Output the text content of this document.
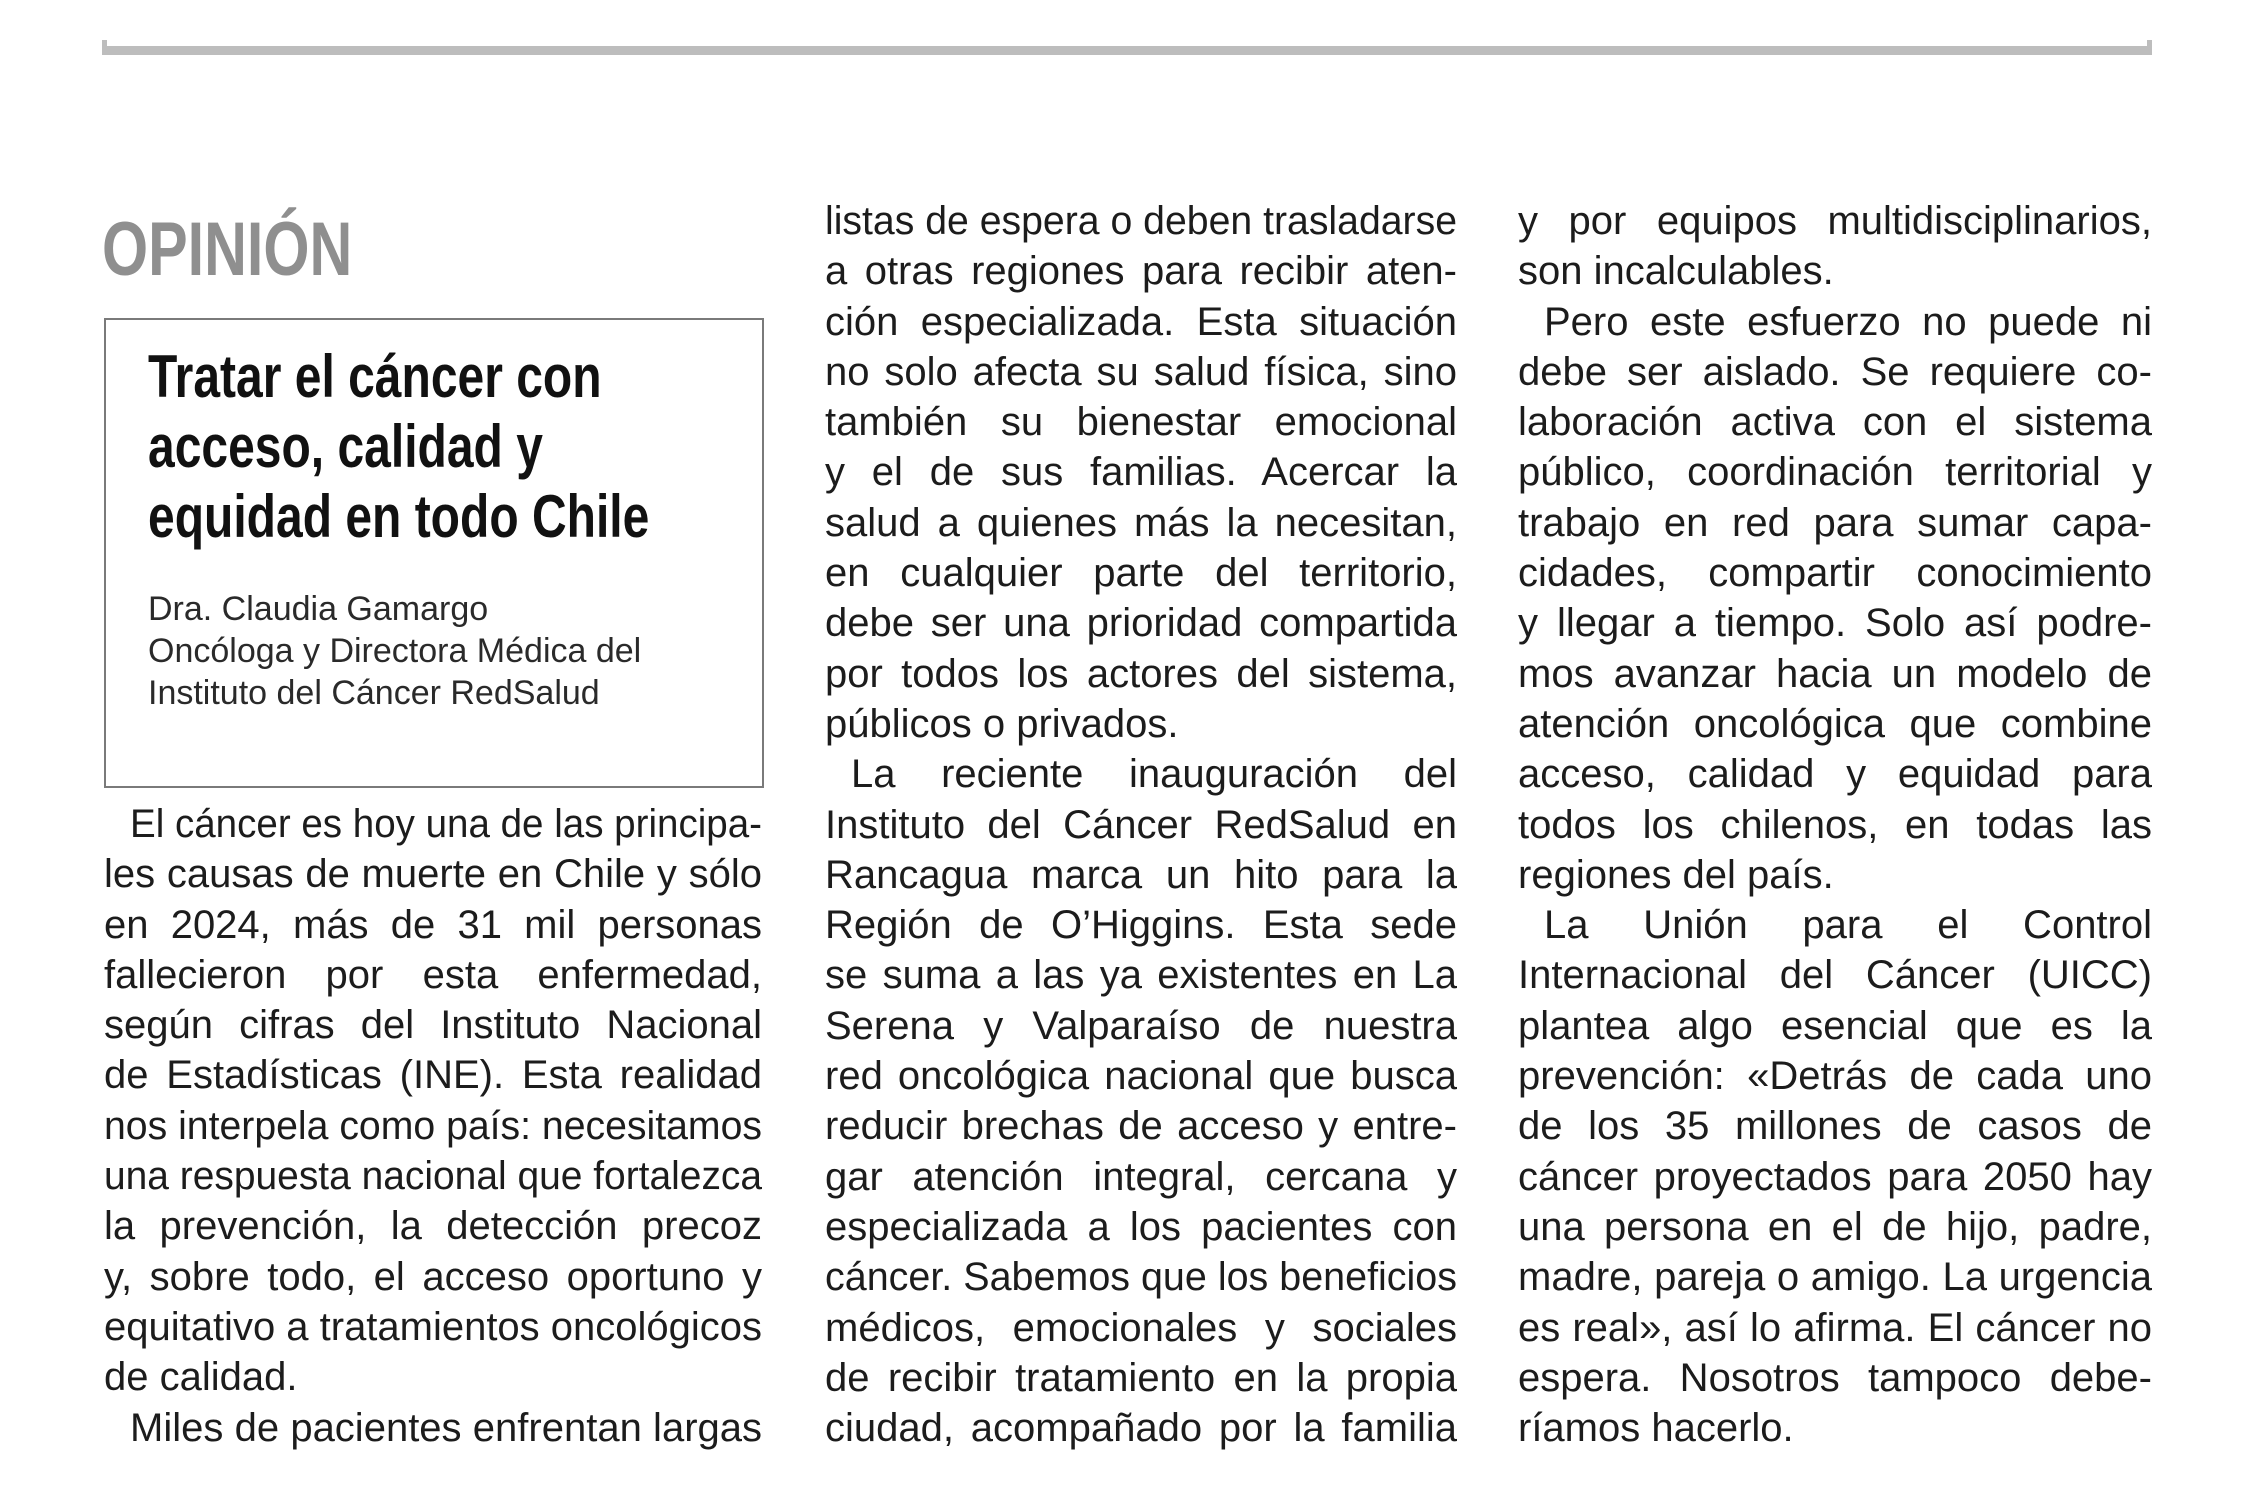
OPINIÓN
Tratar el cáncer con
acceso, calidad y
equidad en todo Chile
Dra. Claudia Gamargo
Oncóloga y Directora Médica del
Instituto del Cáncer RedSalud
El cáncer es hoy una de las principa-
les causas de muerte en Chile y sólo
en 2024, más de 31 mil personas
fallecieron por esta enfermedad,
según cifras del Instituto Nacional
de Estadísticas (INE). Esta realidad
nos interpela como país: necesitamos
una respuesta nacional que fortalezca
la prevención, la detección precoz
y, sobre todo, el acceso oportuno y
equitativo a tratamientos oncológicos
de calidad.
Miles de pacientes enfrentan largas
listas de espera o deben trasladarse
a otras regiones para recibir aten-
ción especializada. Esta situación
no solo afecta su salud física, sino
también su bienestar emocional
y el de sus familias. Acercar la
salud a quienes más la necesitan,
en cualquier parte del territorio,
debe ser una prioridad compartida
por todos los actores del sistema,
públicos o privados.
La reciente inauguración del
Instituto del Cáncer RedSalud en
Rancagua marca un hito para la
Región de O’Higgins. Esta sede
se suma a las ya existentes en La
Serena y Valparaíso de nuestra
red oncológica nacional que busca
reducir brechas de acceso y entre-
gar atención integral, cercana y
especializada a los pacientes con
cáncer. Sabemos que los beneficios
médicos, emocionales y sociales
de recibir tratamiento en la propia
ciudad, acompañado por la familia
y por equipos multidisciplinarios,
son incalculables.
Pero este esfuerzo no puede ni
debe ser aislado. Se requiere co-
laboración activa con el sistema
público, coordinación territorial y
trabajo en red para sumar capa-
cidades, compartir conocimiento
y llegar a tiempo. Solo así podre-
mos avanzar hacia un modelo de
atención oncológica que combine
acceso, calidad y equidad para
todos los chilenos, en todas las
regiones del país.
La Unión para el Control
Internacional del Cáncer (UICC)
plantea algo esencial que es la
prevención: «Detrás de cada uno
de los 35 millones de casos de
cáncer proyectados para 2050 hay
una persona en el de hijo, padre,
madre, pareja o amigo. La urgencia
es real», así lo afirma. El cáncer no
espera. Nosotros tampoco debe-
ríamos hacerlo.
